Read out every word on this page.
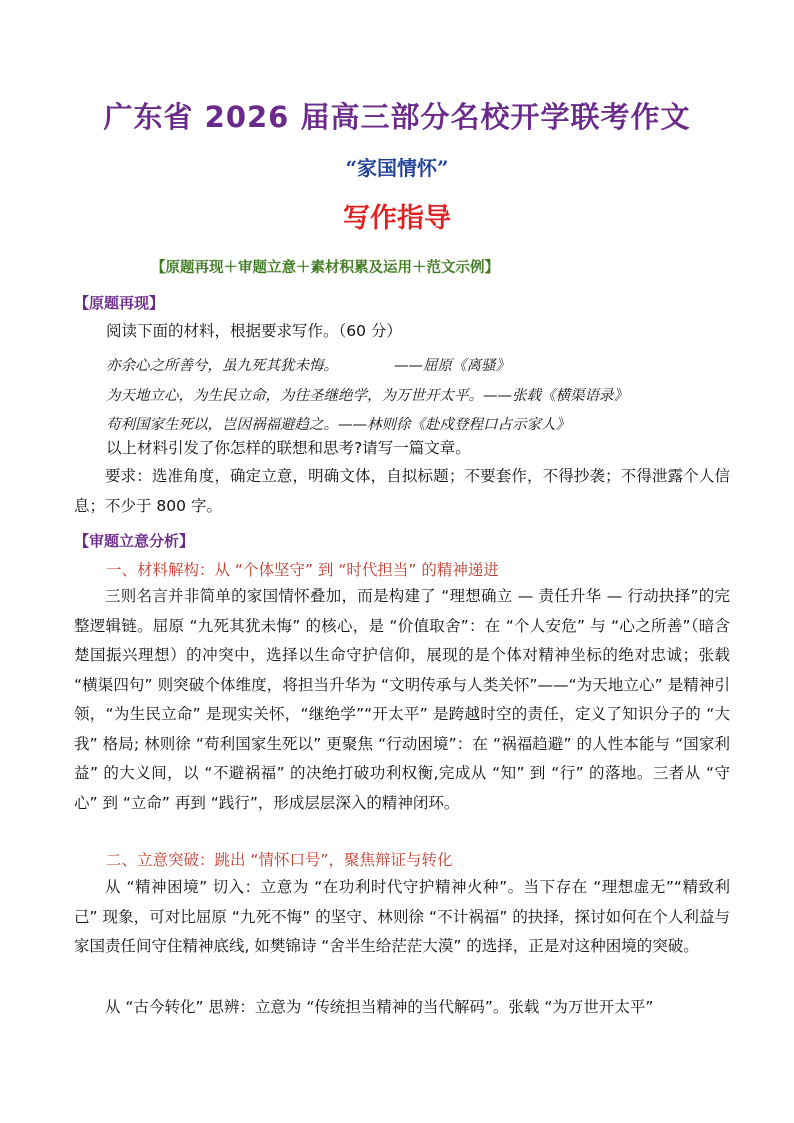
广东省 2026 届高三部分名校开学联考作文
“家国情怀”
写作指导
【原题再现＋审题立意＋素材积累及运用＋范文示例】
【原题再现】
阅读下面的材料，根据要求写作。（60 分）
亦余心之所善兮，虽九死其犹未悔。	——屈原《离骚》
为天地立心，为生民立命，为往圣继绝学，为万世开太平。——张载《横渠语录》
苟利国家生死以，岂因祸福避趋之。——林则徐《赴戍登程口占示家人》
以上材料引发了你怎样的联想和思考?请写一篇文章。
要求：选准角度，确定立意，明确文体，自拟标题；不要套作，不得抄袭；不得泄露个人信息；不少于 800 字。
【审题立意分析】
一、材料解构：从 “个体坚守” 到 “时代担当” 的精神递进
三则名言并非简单的家国情怀叠加，而是构建了 “理想确立 — 责任升华 — 行动抉择”的完整逻辑链。屈原 “九死其犹未悔” 的核心，是 “价值取舍”：在 “个人安危” 与 “心之所善”（暗含楚国振兴理想）的冲突中，选择以生命守护信仰，展现的是个体对精神坐标的绝对忠诚；张载 “横渠四句” 则突破个体维度，将担当升华为 “文明传承与人类关怀”——“为天地立心” 是精神引领，“为生民立命” 是现实关怀，“继绝学”“开太平” 是跨越时空的责任，定义了知识分子的 “大我” 格局; 林则徐 “苟利国家生死以” 更聚焦 “行动困境”：在 “祸福趋避” 的人性本能与 “国家利益” 的大义间，以 “不避祸福” 的决绝打破功利权衡,完成从 “知” 到 “行” 的落地。三者从 “守心” 到 “立命” 再到 “践行”，形成层层深入的精神闭环。
二、立意突破：跳出 “情怀口号”，聚焦辩证与转化
从 “精神困境” 切入：立意为 “在功利时代守护精神火种”。当下存在 “理想虚无”“精致利己” 现象，可对比屈原 “九死不悔” 的坚守、林则徐 “不计祸福” 的抉择，探讨如何在个人利益与家国责任间守住精神底线, 如樊锦诗 “舍半生给茫茫大漠” 的选择，正是对这种困境的突破。
从 “古今转化” 思辨：立意为 “传统担当精神的当代解码”。张载 “为万世开太平”
